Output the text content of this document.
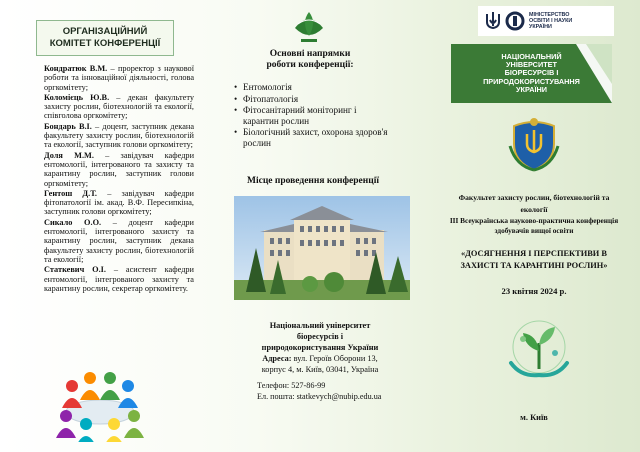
ОРГАНІЗАЦІЙНИЙ
КОМІТЕТ КОНФЕРЕНЦІЇ
Кондратюк В.М. – проректор з наукової роботи та інноваційної діяльності, голова оргкомітету;
Коломієць Ю.В. – декан факультету захисту рослин, біотехнологій та екології, співголова оргкомітету;
Бондарь В.І. – доцент, заступник декана факультету захисту рослин, біотехнологій та екології, заступник голови оргкомітету;
Доля М.М. – завідувач кафедри ентомології, інтегрованого та захисту та карантину рослин, заступник голови оргкомітету;
Гентош Д.Т. – завідувач кафедри фітопатології ім. акад. В.Ф. Пересипкіна, заступник голови оргкомітету;
Сикало О.О. – доцент кафедри ентомології, інтегрованого захисту та карантину рослин, заступник декана факультету захисту рослин, біотехнологій та екології;
Статкевич О.І. – асистент кафедри ентомології, інтегрованого захисту та карантину рослин, секретар оргкомітету.
Основні напрямки
роботи конференції:
• Ентомологія
• Фітопатологія
• Фітосанітарний моніторинг і карантин рослин
• Біологічний захист, охорона здоров'я рослин
Місце проведення конференції
Національний університет
біоресурсів і
природокористування України
Адреса: вул. Героїв Оборони 13,
корпус 4, м. Київ, 03041, Україна
Телефон: 527-86-99
Ел. пошта: statkevych@nubip.edu.ua
МІНІСТЕРСТВО
ОСВІТИ І НАУКИ
УКРАЇНИ
НАЦІОНАЛЬНИЙ
УНІВЕРСИТЕТ
БІОРЕСУРСІВ І
ПРИРОДОКОРИСТУВАННЯ
УКРАЇНИ
Факультет захисту рослин, біотехнологій та
екології
ІІІ Всеукраїнська науково-практична конференція
здобувачів вищої освіти
«ДОСЯГНЕННЯ І ПЕРСПЕКТИВИ В
ЗАХИСТІ ТА КАРАНТИНІ РОСЛИН»
23 квітня 2024 р.
м. Київ
